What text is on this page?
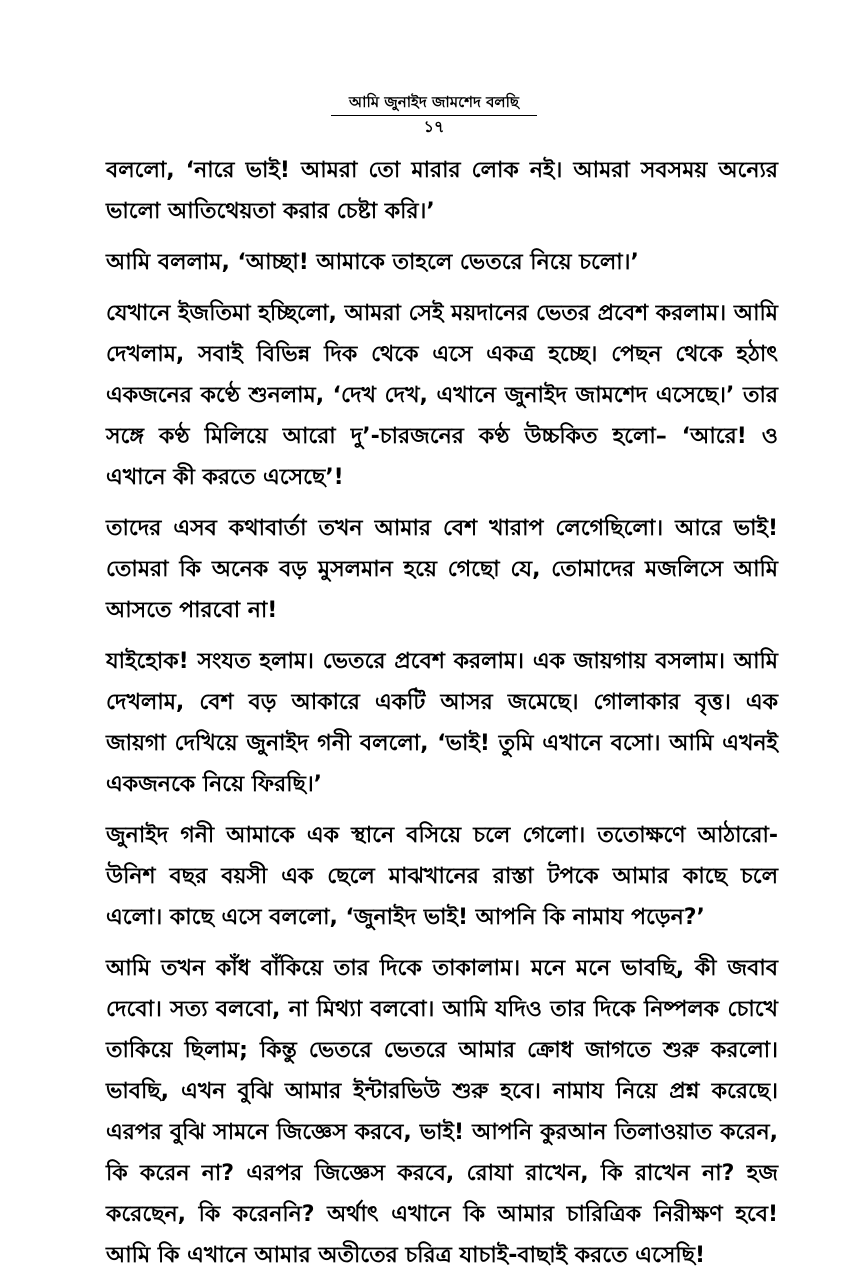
আমি জুনাইদ জামশেদ বলছি
১৭

বললো, ‘নারে ভাই! আমরা তো মারার লোক নই। আমরা সবসময় অন্যের ভালো আতিথেয়তা করার চেষ্টা করি।’

আমি বললাম, ‘আচ্ছা! আমাকে তাহলে ভেতরে নিয়ে চলো।’

যেখানে ইজতিমা হচ্ছিলো, আমরা সেই ময়দানের ভেতর প্রবেশ করলাম। আমি দেখলাম, সবাই বিভিন্ন দিক থেকে এসে একত্র হচ্ছে। পেছন থেকে হঠাৎ একজনের কণ্ঠে শুনলাম, ‘দেখ দেখ, এখানে জুনাইদ জামশেদ এসেছে।’ তার সঙ্গে কণ্ঠ মিলিয়ে আরো দু’-চারজনের কণ্ঠ উচ্চকিত হলো– ‘আরে! ও এখানে কী করতে এসেছে’!

তাদের এসব কথাবার্তা তখন আমার বেশ খারাপ লেগেছিলো। আরে ভাই! তোমরা কি অনেক বড় মুসলমান হয়ে গেছো যে, তোমাদের মজলিসে আমি আসতে পারবো না!

যাইহোক! সংযত হলাম। ভেতরে প্রবেশ করলাম। এক জায়গায় বসলাম। আমি দেখলাম, বেশ বড় আকারে একটি আসর জমেছে। গোলাকার বৃত্ত। এক জায়গা দেখিয়ে জুনাইদ গনী বললো, ‘ভাই! তুমি এখানে বসো। আমি এখনই একজনকে নিয়ে ফিরছি।’

জুনাইদ গনী আমাকে এক স্থানে বসিয়ে চলে গেলো। ততোক্ষণে আঠারো-উনিশ বছর বয়সী এক ছেলে মাঝখানের রাস্তা টপকে আমার কাছে চলে এলো। কাছে এসে বললো, ‘জুনাইদ ভাই! আপনি কি নামায পড়েন?’

আমি তখন কাঁধ বাঁকিয়ে তার দিকে তাকালাম। মনে মনে ভাবছি, কী জবাব দেবো। সত্য বলবো, না মিথ্যা বলবো। আমি যদিও তার দিকে নিষ্পলক চোখে তাকিয়ে ছিলাম; কিন্তু ভেতরে ভেতরে আমার ক্রোধ জাগতে শুরু করলো। ভাবছি, এখন বুঝি আমার ইন্টারভিউ শুরু হবে। নামায নিয়ে প্রশ্ন করেছে। এরপর বুঝি সামনে জিজ্ঞেস করবে, ভাই! আপনি কুরআন তিলাওয়াত করেন, কি করেন না? এরপর জিজ্ঞেস করবে, রোযা রাখেন, কি রাখেন না? হজ করেছেন, কি করেননি? অর্থাৎ এখানে কি আমার চারিত্রিক নিরীক্ষণ হবে! আমি কি এখানে আমার অতীতের চরিত্র যাচাই-বাছাই করতে এসেছি!
